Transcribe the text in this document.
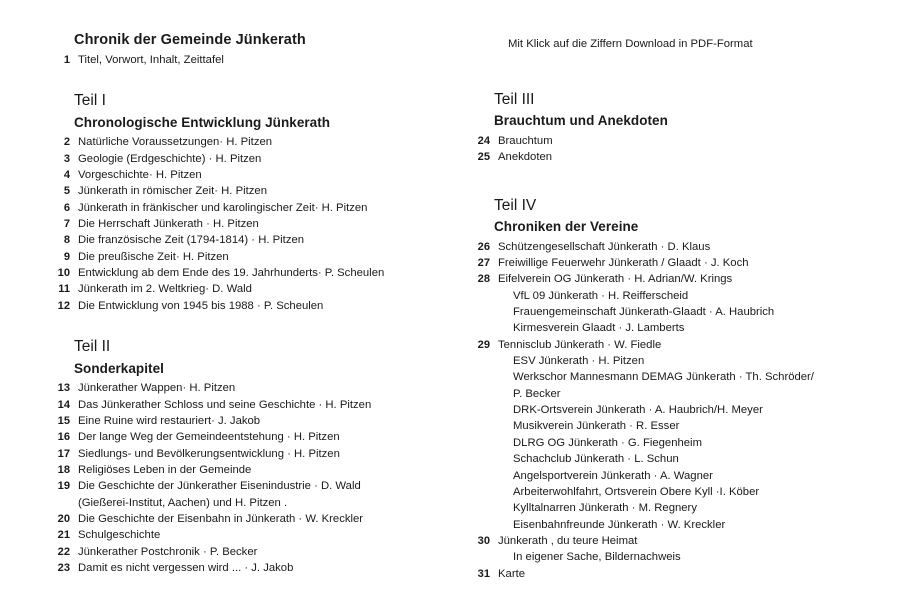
Chronik der Gemeinde Jünkerath
1 Titel, Vorwort, Inhalt, Zeittafel
Teil I
Chronologische Entwicklung Jünkerath
2 Natürliche Voraussetzungen· H. Pitzen
3 Geologie (Erdgeschichte) · H. Pitzen
4 Vorgeschichte· H. Pitzen
5 Jünkerath in römischer Zeit· H. Pitzen
6 Jünkerath in fränkischer und karolingischer Zeit· H. Pitzen
7 Die Herrschaft Jünkerath · H. Pitzen
8 Die französische Zeit (1794-1814) · H. Pitzen
9 Die preußische Zeit· H. Pitzen
10 Entwicklung ab dem Ende des 19. Jahrhunderts· P. Scheulen
11 Jünkerath im 2. Weltkrieg· D. Wald
12 Die Entwicklung von 1945 bis 1988 · P. Scheulen
Teil II
Sonderkapitel
13 Jünkerather Wappen· H. Pitzen
14 Das Jünkerather Schloss und seine Geschichte · H. Pitzen
15 Eine Ruine wird restauriert· J. Jakob
16 Der lange Weg der Gemeindeentstehung · H. Pitzen
17 Siedlungs- und Bevölkerungsentwicklung · H. Pitzen
18 Religiöses Leben in der Gemeinde
19 Die Geschichte der Jünkerather Eisenindustrie · D. Wald
(Gießerei-Institut, Aachen) und H. Pitzen .
20 Die Geschichte der Eisenbahn in Jünkerath · W. Kreckler
21 Schulgeschichte
22 Jünkerather Postchronik · P. Becker
23 Damit es nicht vergessen wird ... · J. Jakob
Mit Klick auf die Ziffern Download in PDF-Format
Teil III
Brauchtum und Anekdoten
24 Brauchtum
25 Anekdoten
Teil IV
Chroniken der Vereine
26 Schützengesellschaft Jünkerath · D. Klaus
27 Freiwillige Feuerwehr Jünkerath / Glaadt · J. Koch
28 Eifelverein OG Jünkerath · H. Adrian/W. Krings
VfL 09 Jünkerath · H. Reifferscheid
Frauengemeinschaft Jünkerath-Glaadt · A. Haubrich
Kirmesverein Glaadt · J. Lamberts
29 Tennisclub Jünkerath · W. Fiedle
ESV Jünkerath · H. Pitzen
Werkschor Mannesmann DEMAG Jünkerath · Th. Schröder/
P. Becker
DRK-Ortsverein Jünkerath · A. Haubrich/H. Meyer
Musikverein Jünkerath · R. Esser
DLRG OG Jünkerath · G. Fiegenheim
Schachclub Jünkerath · L. Schun
Angelsportverein Jünkerath · A. Wagner
Arbeiterwohlfahrt, Ortsverein Obere Kyll ·I. Köber
Kylltalnarren Jünkerath · M. Regnery
Eisenbahnfreunde Jünkerath · W. Kreckler
30 Jünkerath , du teure Heimat
In eigener Sache, Bildernachweis
31 Karte
